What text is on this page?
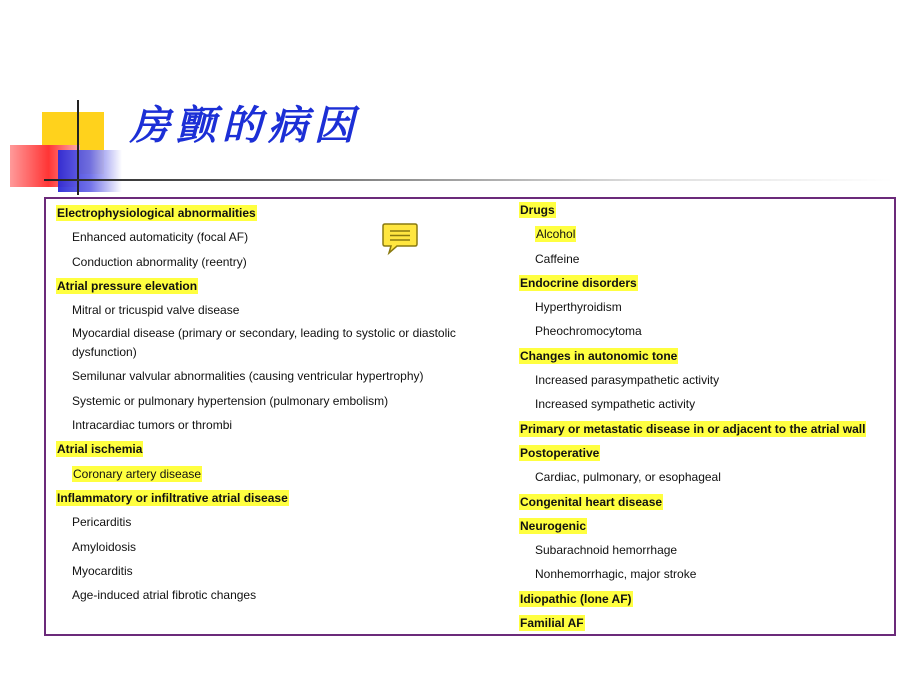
房颤的病因
Electrophysiological abnormalities
Enhanced automaticity (focal AF)
Conduction abnormality (reentry)
Atrial pressure elevation
Mitral or tricuspid valve disease
Myocardial disease (primary or secondary, leading to systolic or diastolic dysfunction)
Semilunar valvular abnormalities (causing ventricular hypertrophy)
Systemic or pulmonary hypertension (pulmonary embolism)
Intracardiac tumors or thrombi
Atrial ischemia
Coronary artery disease
Inflammatory or infiltrative atrial disease
Pericarditis
Amyloidosis
Myocarditis
Age-induced atrial fibrotic changes
Drugs
Alcohol
Caffeine
Endocrine disorders
Hyperthyroidism
Pheochromocytoma
Changes in autonomic tone
Increased parasympathetic activity
Increased sympathetic activity
Primary or metastatic disease in or adjacent to the atrial wall
Postoperative
Cardiac, pulmonary, or esophageal
Congenital heart disease
Neurogenic
Subarachnoid hemorrhage
Nonhemorrhagic, major stroke
Idiopathic (lone AF)
Familial AF
